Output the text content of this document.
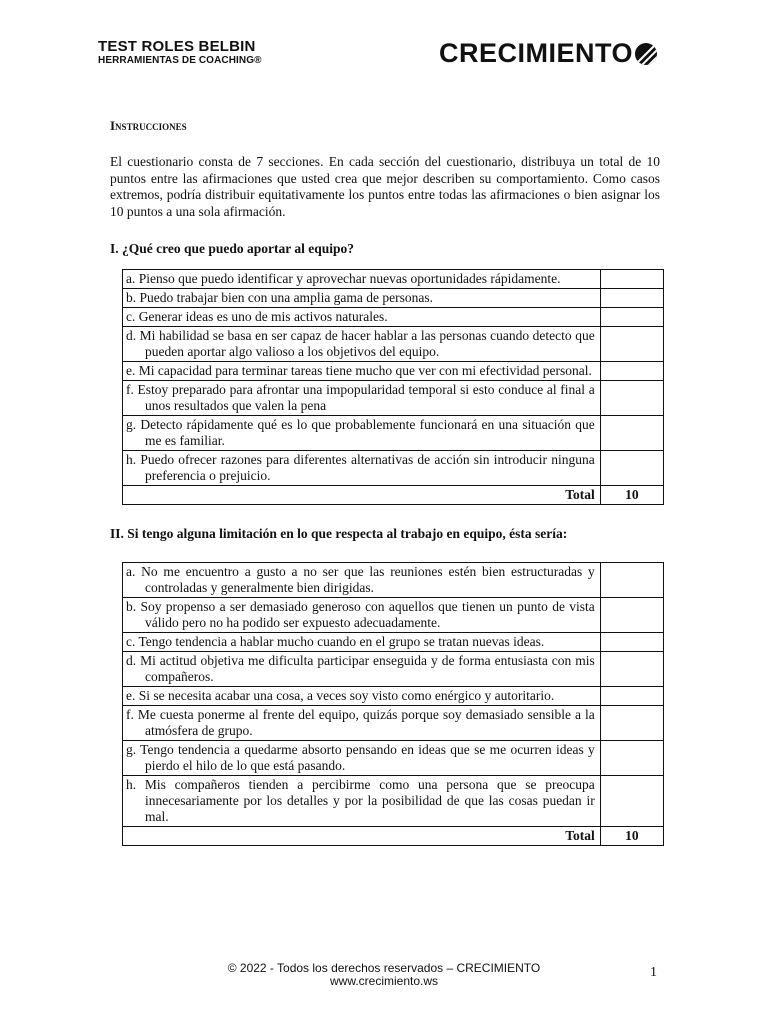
TEST ROLES BELBIN
HERRAMIENTAS DE COACHING®	CRECIMIENTO
Instrucciones
El cuestionario consta de 7 secciones. En cada sección del cuestionario, distribuya un total de 10 puntos entre las afirmaciones que usted crea que mejor describen su comportamiento. Como casos extremos, podría distribuir equitativamente los puntos entre todas las afirmaciones o bien asignar los 10 puntos a una sola afirmación.
I. ¿Qué creo que puedo aportar al equipo?
a. Pienso que puedo identificar y aprovechar nuevas oportunidades rápidamente.	
b. Puedo trabajar bien con una amplia gama de personas.	
c. Generar ideas es uno de mis activos naturales.	
d. Mi habilidad se basa en ser capaz de hacer hablar a las personas cuando detecto que pueden aportar algo valioso a los objetivos del equipo.	
e. Mi capacidad para terminar tareas tiene mucho que ver con mi efectividad personal.	
f. Estoy preparado para afrontar una impopularidad temporal si esto conduce al final a unos resultados que valen la pena	
g. Detecto rápidamente qué es lo que probablemente funcionará en una situación que me es familiar.	
h. Puedo ofrecer razones para diferentes alternativas de acción sin introducir ninguna preferencia o prejuicio.	
Total	10
II. Si tengo alguna limitación en lo que respecta al trabajo en equipo, ésta sería:
a. No me encuentro a gusto a no ser que las reuniones estén bien estructuradas y controladas y generalmente bien dirigidas.	
b. Soy propenso a ser demasiado generoso con aquellos que tienen un punto de vista válido pero no ha podido ser expuesto adecuadamente.	
c. Tengo tendencia a hablar mucho cuando en el grupo se tratan nuevas ideas.	
d. Mi actitud objetiva me dificulta participar enseguida y de forma entusiasta con mis compañeros.	
e. Si se necesita acabar una cosa, a veces soy visto como enérgico y autoritario.	
f. Me cuesta ponerme al frente del equipo, quizás porque soy demasiado sensible a la atmósfera de grupo.	
g. Tengo tendencia a quedarme absorto pensando en ideas que se me ocurren ideas y pierdo el hilo de lo que está pasando.	
h. Mis compañeros tienden a percibirme como una persona que se preocupa innecesariamente por los detalles y por la posibilidad de que las cosas puedan ir mal.	
Total	10
© 2022 - Todos los derechos reservados – CRECIMIENTO
www.crecimiento.ws
1
